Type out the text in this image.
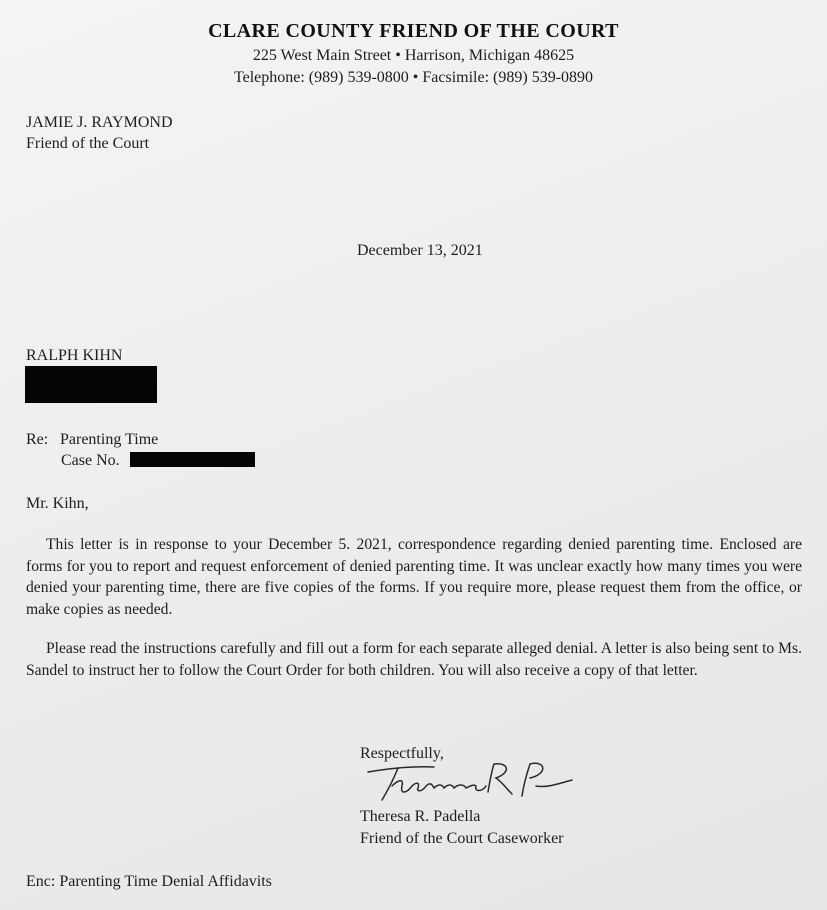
CLARE COUNTY FRIEND OF THE COURT
225 West Main Street • Harrison, Michigan 48625
Telephone: (989) 539-0800 • Facsimile: (989) 539-0890
JAMIE J. RAYMOND
Friend of the Court
December 13, 2021
RALPH KIHN
Re: Parenting Time
Case No.
Mr. Kihn,
This letter is in response to your December 5. 2021, correspondence regarding denied parenting time. Enclosed are forms for you to report and request enforcement of denied parenting time. It was unclear exactly how many times you were denied your parenting time, there are five copies of the forms. If you require more, please request them from the office, or make copies as needed.
Please read the instructions carefully and fill out a form for each separate alleged denial. A letter is also being sent to Ms. Sandel to instruct her to follow the Court Order for both children. You will also receive a copy of that letter.
Respectfully,
Theresa R. Padella
Friend of the Court Caseworker
Enc: Parenting Time Denial Affidavits
